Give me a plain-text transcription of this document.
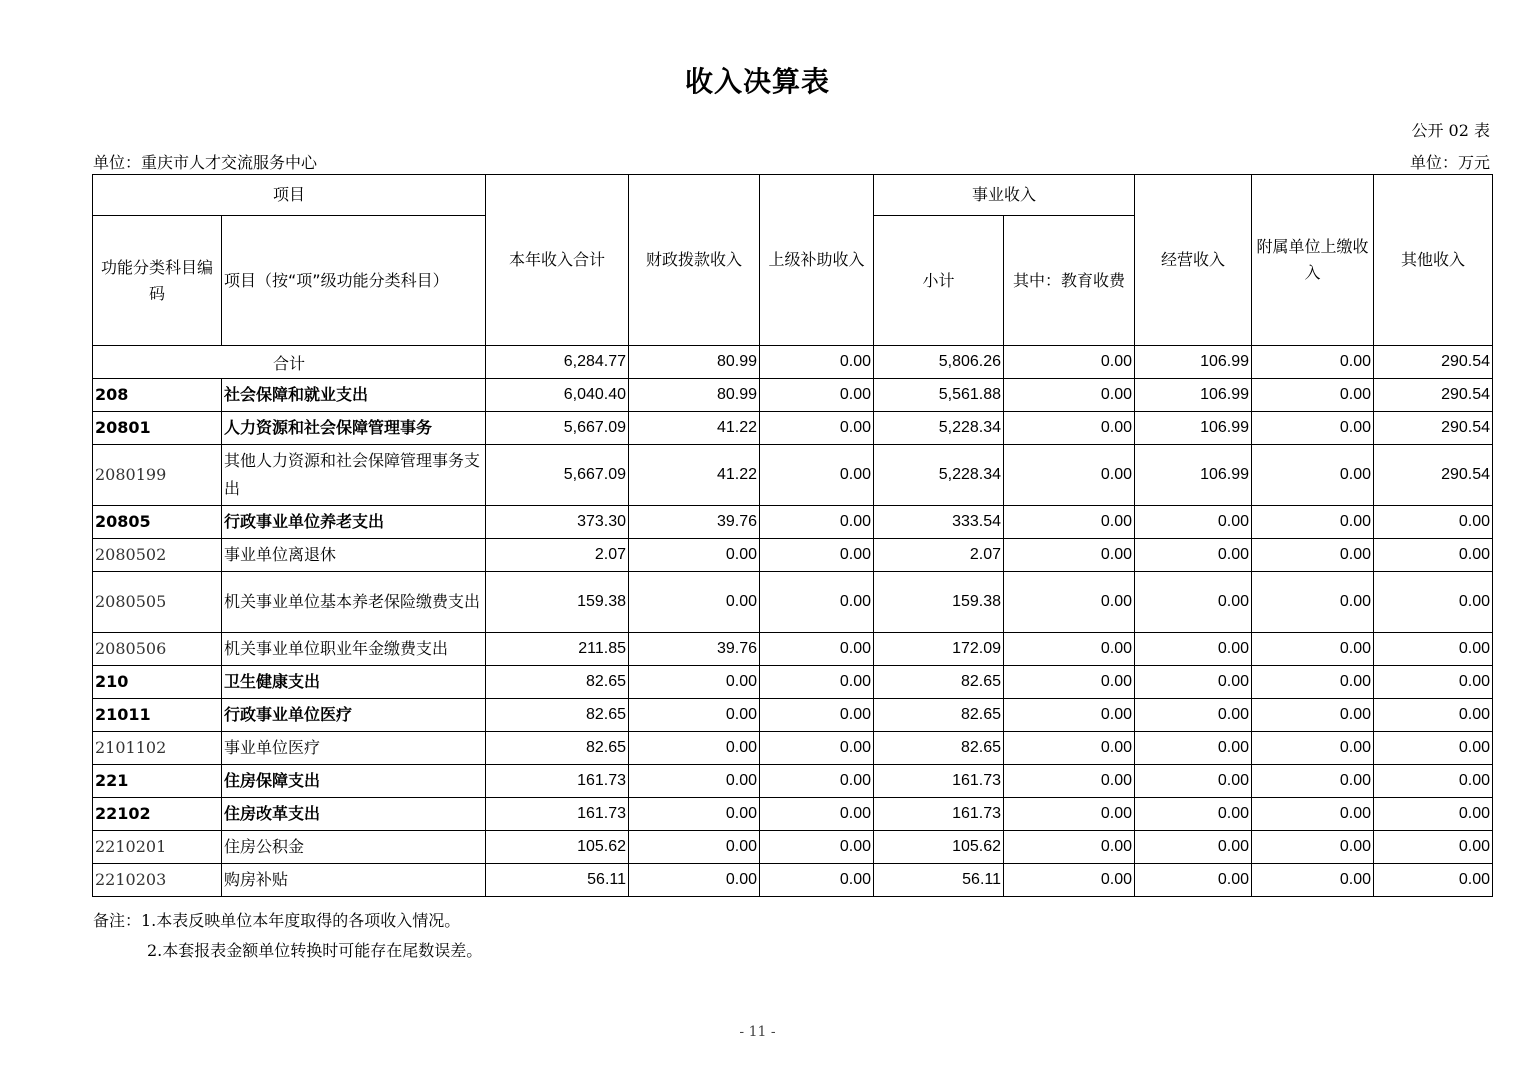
收入决算表
公开 02 表
单位：重庆市人才交流服务中心	单位：万元
项目		本年收入合计	财政拨款收入	上级补助收入	事业收入		经营收入	附属单位上缴收入	其他收入
功能分类科目编码	项目（按“项”级功能分类科目）				小计	其中：教育收费			
合计		6,284.77	80.99	0.00	5,806.26	0.00	106.99	0.00	290.54
208	社会保障和就业支出	6,040.40	80.99	0.00	5,561.88	0.00	106.99	0.00	290.54
20801	人力资源和社会保障管理事务	5,667.09	41.22	0.00	5,228.34	0.00	106.99	0.00	290.54
2080199	其他人力资源和社会保障管理事务支出	5,667.09	41.22	0.00	5,228.34	0.00	106.99	0.00	290.54
20805	行政事业单位养老支出	373.30	39.76	0.00	333.54	0.00	0.00	0.00	0.00
2080502	事业单位离退休	2.07	0.00	0.00	2.07	0.00	0.00	0.00	0.00
2080505	机关事业单位基本养老保险缴费支出	159.38	0.00	0.00	159.38	0.00	0.00	0.00	0.00
2080506	机关事业单位职业年金缴费支出	211.85	39.76	0.00	172.09	0.00	0.00	0.00	0.00
210	卫生健康支出	82.65	0.00	0.00	82.65	0.00	0.00	0.00	0.00
21011	行政事业单位医疗	82.65	0.00	0.00	82.65	0.00	0.00	0.00	0.00
2101102	事业单位医疗	82.65	0.00	0.00	82.65	0.00	0.00	0.00	0.00
221	住房保障支出	161.73	0.00	0.00	161.73	0.00	0.00	0.00	0.00
22102	住房改革支出	161.73	0.00	0.00	161.73	0.00	0.00	0.00	0.00
2210201	住房公积金	105.62	0.00	0.00	105.62	0.00	0.00	0.00	0.00
2210203	购房补贴	56.11	0.00	0.00	56.11	0.00	0.00	0.00	0.00
备注：1.本表反映单位本年度取得的各项收入情况。
2.本套报表金额单位转换时可能存在尾数误差。
- 11 -
